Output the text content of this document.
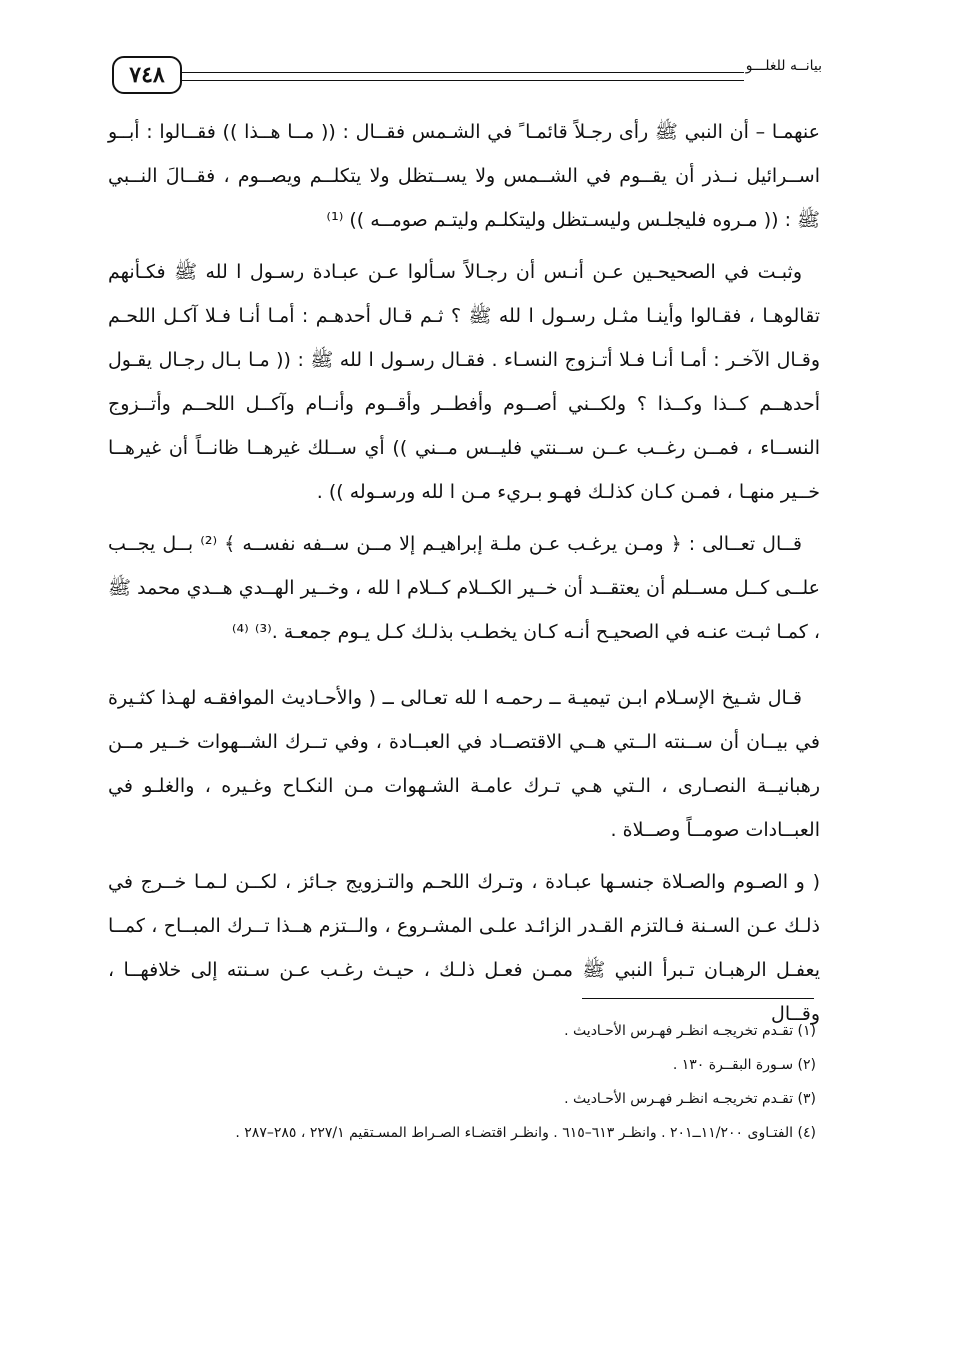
٧٤٨	بيانــه للغلـــو

عنهمـا – أن النبي ﷺ رأى رجـلاً قائمـا ً في الشـمس فقــال : (( مــا هــذا )) فقــالوا : أبــو اســرائيل نــذر أن يقــوم في الشــمس ولا يســتظل ولا يتكلــم ويصــوم ، فقــالَ النــبي ﷺ : (( مـروه فليجلـس وليسـتظل وليتكلـم وليتـم صومــه )) ⁽¹⁾

وثبـت في الصحيحـين عـن أنـس أن رجـالاً سـألوا عـن عبـادة رسـول ا لله ﷺ فكـأنهم تقالوهـا ، فقـالوا وأينـا مثـل رسـول ا لله ﷺ ؟ ثـم قـال أحدهـم : أمـا أنـا فـلا آكـل اللحـم وقـال الآخـر : أمـا أنـا فـلا أتـزوج النسـاء . فقـال رسـول ا لله ﷺ : (( مـا بـال رجـال يقـول أحدهــم كــذا وكــذا ؟ ولكــني أصــوم وأفطــر وأقــوم وأنــام وآكــل اللحــم وأتــزوج النســاء ، فمــن رغــب عــن ســنتي فليــس مــني )) أي ســلك غيرهــا ظانــاً أن غيرهــا خــير منهـا ، فمـن كـان كذلـك فهـو بـريء مـن ا لله ورسـوله )) .

قــال تعــالى : ﴿ ومـن يرغـب عـن ملـة إبراهيـم إلا مــن ســفه نفســه ﴾ ⁽²⁾ بــل يجــب علــى كــل مســلم أن يعتقــد أن خــير الكــلام كــلام ا لله ، وخــير الهــدي هــدي محمد ﷺ ، كمـا ثبـت عنـه في الصحيـح أنـه كـان يخطـب بذلـك كـل يـوم جمعـة .⁽³⁾ ⁽⁴⁾

قـال شـيخ الإسـلام ابـن تيميـة ــ رحمـه ا لله تعـالى ــ ( والأحـاديث الموافقـه لهـذا كثـيرة في بيــان أن ســنته الــتي هــي الاقتصــاد في العبــادة ، وفي تــرك الشــهوات خــير مــن رهبانيــة النصـارى ، الـتي هـي تـرك عامـة الشـهوات مـن النكـاح وغـيره ، والغلـو في العبــادات صومــاً وصــلاة .

( و الصـوم والصـلاة جنسـها عبـادة ، وتـرك اللحـم والتـزويج جـائز ، لكــن لـمـا خــرج في ذلـك عـن السـنة فـالتزم القـدر الزائـد علـى المشـروع ، والــتزم هــذا تــرك المبــاح ، كمــا يعفـل الرهبـان تـبرأ النبي ﷺ ممـن فعـل ذلـك ، حيـث رغـب عـن سـنته إلى خلافهــا ، وقــال

(١) تقـدم تخريجـه انظـر فهـرس الأحـاديث .
(٢) سـورة البقــرة ١٣٠ .
(٣) تقـدم تخريجـه انظـر فهـرس الأحـاديث .
(٤) الفتـاوى ١١/٢٠٠ــ٢٠١ . وانظـر ٦١٣–٦١٥ . وانظـر اقتضـاء الصـراط المسـتقيم ٢٢٧/١ ، ٢٨٥–٢٨٧ .
